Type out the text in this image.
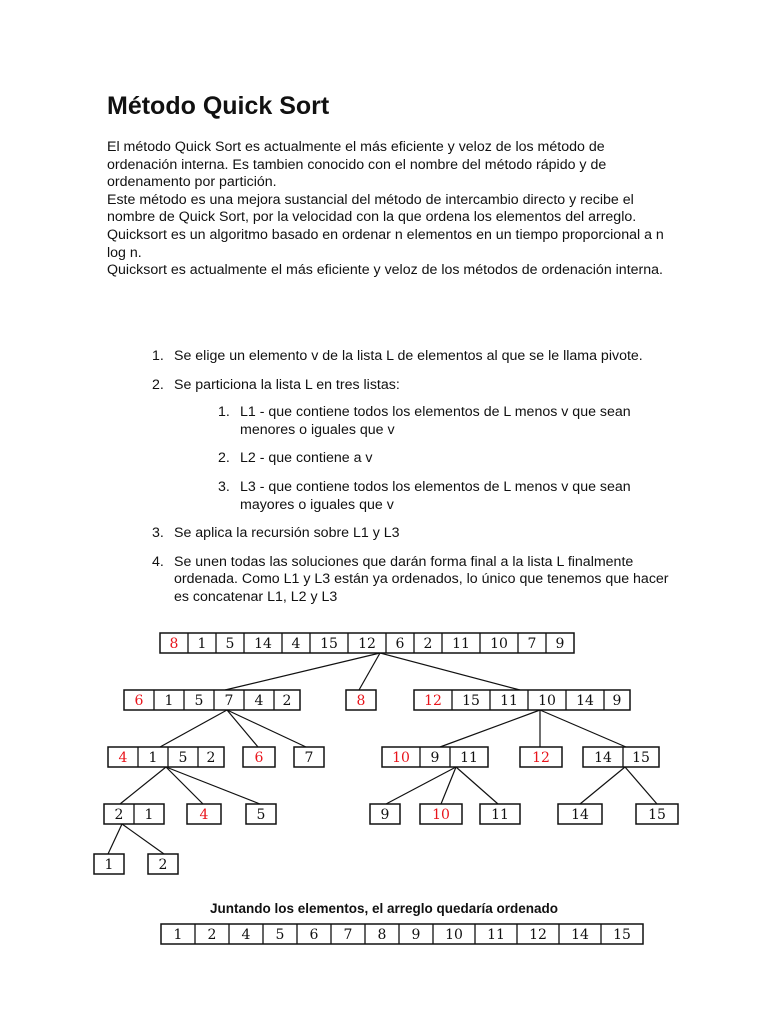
Método Quick Sort

El método Quick Sort es actualmente el más eficiente y veloz de los método de ordenación interna. Es tambien conocido con el nombre del método rápido y de ordenamento por partición.

Este método es una mejora sustancial del método de intercambio directo y recibe el nombre de Quick Sort, por la velocidad con la que ordena los elementos del arreglo.

Quicksort es un algoritmo basado en ordenar n elementos en un tiempo proporcional a n log n.

Quicksort es actualmente el más eficiente y veloz de los métodos de ordenación interna.

1. Se elige un elemento v de la lista L de elementos al que se le llama pivote.
2. Se particiona la lista L en tres listas:
1. L1 - que contiene todos los elementos de L menos v que sean menores o iguales que v
2. L2 - que contiene a v
3. L3 - que contiene todos los elementos de L menos v que sean mayores o iguales que v
3. Se aplica la recursión sobre L1 y L3
4. Se unen todas las soluciones que darán forma final a la lista L finalmente ordenada. Como L1 y L3 están ya ordenados, lo único que tenemos que hacer es concatenar L1, L2 y L3
8 1 5 14 4 15 12 6 2 11 10 7 9
6 1 5 7 4 2	8	12 15 11 10 14 9
4 1 5 2	6	7	10 9 11	12	14 15
2 1	4	5	9	10	11	14	15
1	2
Juntando los elementos, el arreglo quedaría ordenado
1 2 4 5 6 7 8 9 10 11 12 14 15
